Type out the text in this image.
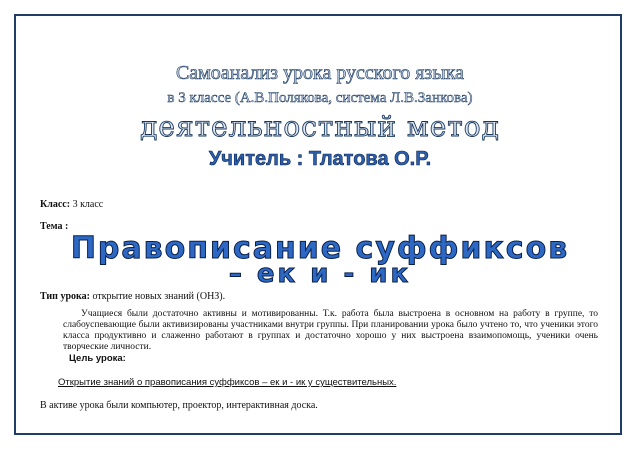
Самоанализ урока русского языка
в 3 классе (А.В.Полякова, система Л.В.Занкова)
деятельностный метод
Учитель : Тлатова О.Р.
Класс: 3 класс
Тема :
Правописание суффиксов
– ек и - ик
Тип урока: открытие новых знаний (ОНЗ).
Учащиеся были достаточно активны и мотивированны. Т.к. работа была выстроена в основном на работу в группе, то слабоуспевающие были активизированы участниками внутри группы. При планировании урока было учтено то, что ученики этого класса продуктивно и слаженно работают в группах и достаточно хорошо у них выстроена взаимопомощь, ученики очень творческие личности.
Цель урока:
Открытие знаний о правописания суффиксов – ек и - ик у существительных.
В активе урока были компьютер, проектор, интерактивная доска.
